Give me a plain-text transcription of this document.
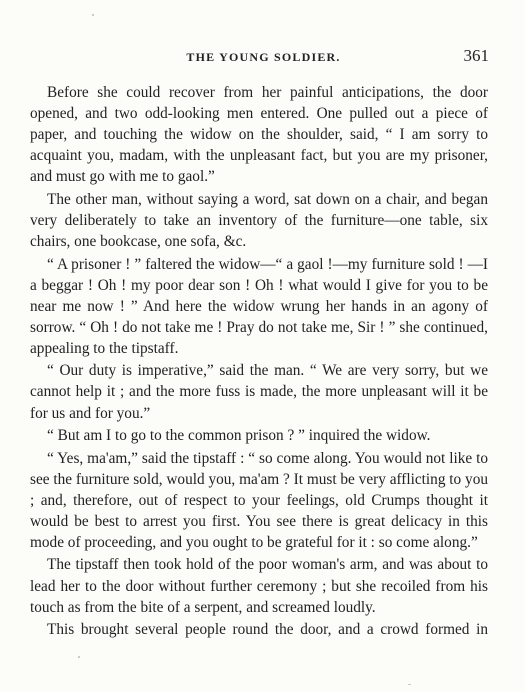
THE YOUNG SOLDIER.	361

Before she could recover from her painful anticipations, the door opened, and two odd-looking men entered. One pulled out a piece of paper, and touching the widow on the shoulder, said, “ I am sorry to acquaint you, madam, with the unpleasant fact, but you are my prisoner, and must go with me to gaol.”

The other man, without saying a word, sat down on a chair, and began very deliberately to take an inventory of the furniture—one table, six chairs, one bookcase, one sofa, &c.

“ A prisoner ! ” faltered the widow—“ a gaol !—my furniture sold ! —I a beggar ! Oh ! my poor dear son ! Oh ! what would I give for you to be near me now ! ” And here the widow wrung her hands in an agony of sorrow. “ Oh ! do not take me ! Pray do not take me, Sir ! ” she continued, appealing to the tipstaff.

“ Our duty is imperative,” said the man. “ We are very sorry, but we cannot help it ; and the more fuss is made, the more unpleasant will it be for us and for you.”

“ But am I to go to the common prison ? ” inquired the widow.

“ Yes, ma'am,” said the tipstaff : “ so come along. You would not like to see the furniture sold, would you, ma'am ? It must be very afflicting to you ; and, therefore, out of respect to your feelings, old Crumps thought it would be best to arrest you first. You see there is great delicacy in this mode of proceeding, and you ought to be grateful for it : so come along.”

The tipstaff then took hold of the poor woman's arm, and was about to lead her to the door without further ceremony ; but she recoiled from his touch as from the bite of a serpent, and screamed loudly.

This brought several people round the door, and a crowd formed in
